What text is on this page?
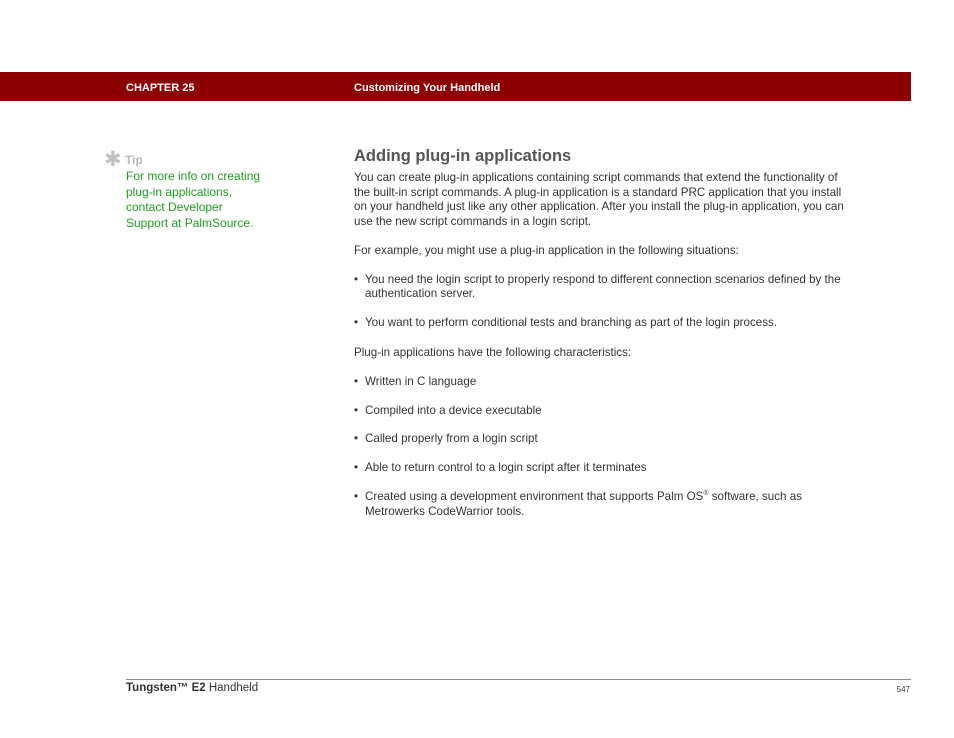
CHAPTER 25	Customizing Your Handheld
✱ Tip
For more info on creating
plug-in applications,
contact Developer
Support at PalmSource.
Adding plug-in applications

You can create plug-in applications containing script commands that extend the functionality of
the built-in script commands. A plug-in application is a standard PRC application that you install
on your handheld just like any other application. After you install the plug-in application, you can
use the new script commands in a login script.

For example, you might use a plug-in application in the following situations:

• You need the login script to properly respond to different connection scenarios defined by the
authentication server.
• You want to perform conditional tests and branching as part of the login process.

Plug-in applications have the following characteristics:

• Written in C language
• Compiled into a device executable
• Called properly from a login script
• Able to return control to a login script after it terminates
• Created using a development environment that supports Palm OS® software, such as
Metrowerks CodeWarrior tools.
Tungsten™ E2 Handheld	547
